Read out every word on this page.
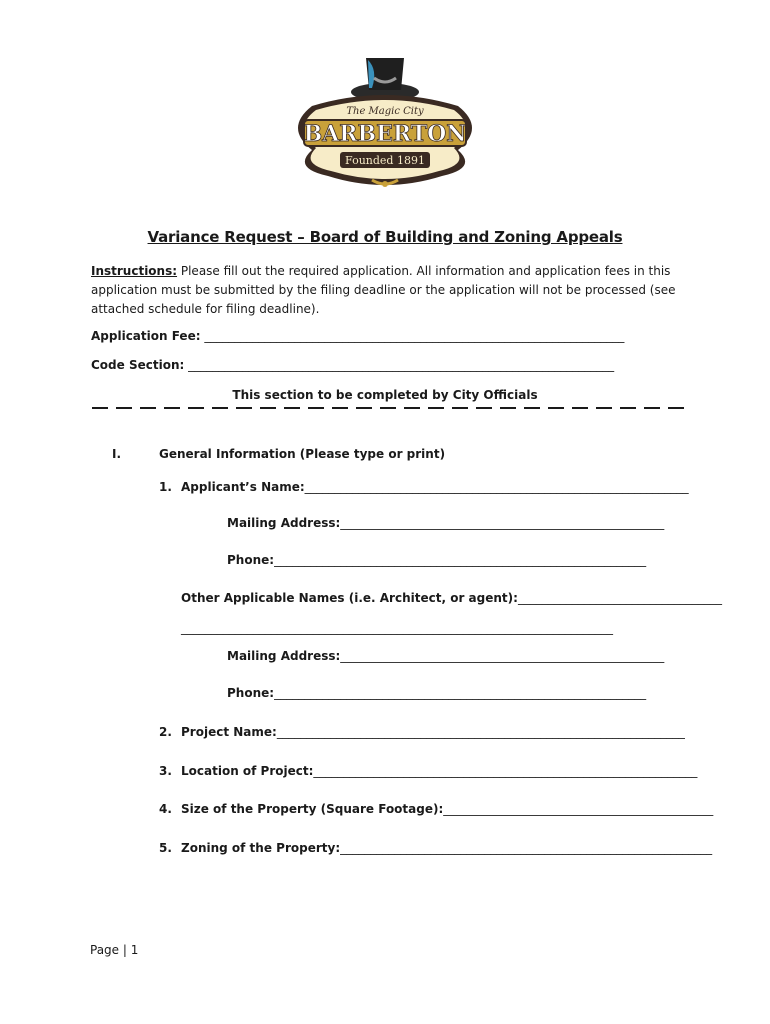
The Magic City
BARBERTON
Founded 1891
Variance Request – Board of Building and Zoning Appeals
Instructions: Please fill out the required application. All information and application fees in this application must be submitted by the filing deadline or the application will not be processed (see attached schedule for filing deadline).
Application Fee: ______________________________________________________________________
Code Section: _______________________________________________________________________
This section to be completed by City Officials
I.	General Information (Please type or print)
1. Applicant’s Name:________________________________________________________________
Mailing Address:______________________________________________________
Phone:______________________________________________________________
Other Applicable Names (i.e. Architect, or agent):__________________________________
________________________________________________________________________
Mailing Address:______________________________________________________
Phone:______________________________________________________________
2. Project Name:____________________________________________________________________
3. Location of Project:________________________________________________________________
4. Size of the Property (Square Footage):_____________________________________________
5. Zoning of the Property:______________________________________________________________
Page | 1
